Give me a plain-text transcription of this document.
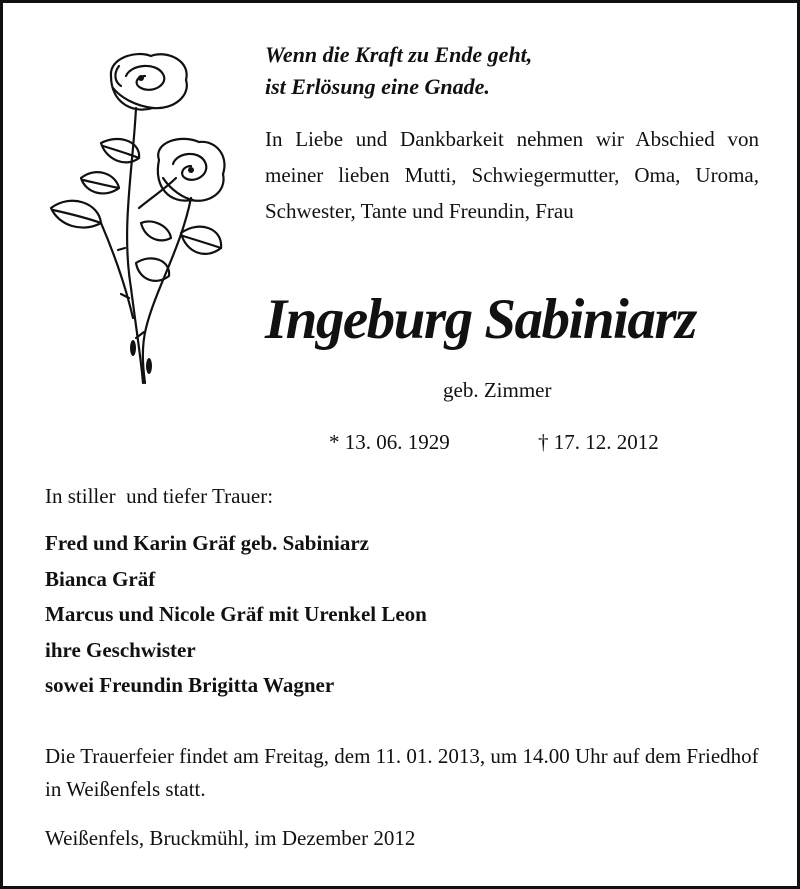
Wenn die Kraft zu Ende geht,
ist Erlösung eine Gnade.
In Liebe und Dankbarkeit nehmen wir Abschied von meiner lieben Mutti, Schwiegermutter, Oma, Uroma, Schwester, Tante und Freundin, Frau
Ingeburg Sabiniarz
geb. Zimmer
* 13. 06. 1929	† 17. 12. 2012
In stiller  und tiefer Trauer:
Fred und Karin Gräf geb. Sabiniarz
Bianca Gräf
Marcus und Nicole Gräf mit Urenkel Leon
ihre Geschwister
sowei Freundin Brigitta Wagner
Die Trauerfeier findet am Freitag, dem 11. 01. 2013, um 14.00 Uhr auf dem Friedhof in Weißenfels statt.
Weißenfels, Bruckmühl, im Dezember 2012
